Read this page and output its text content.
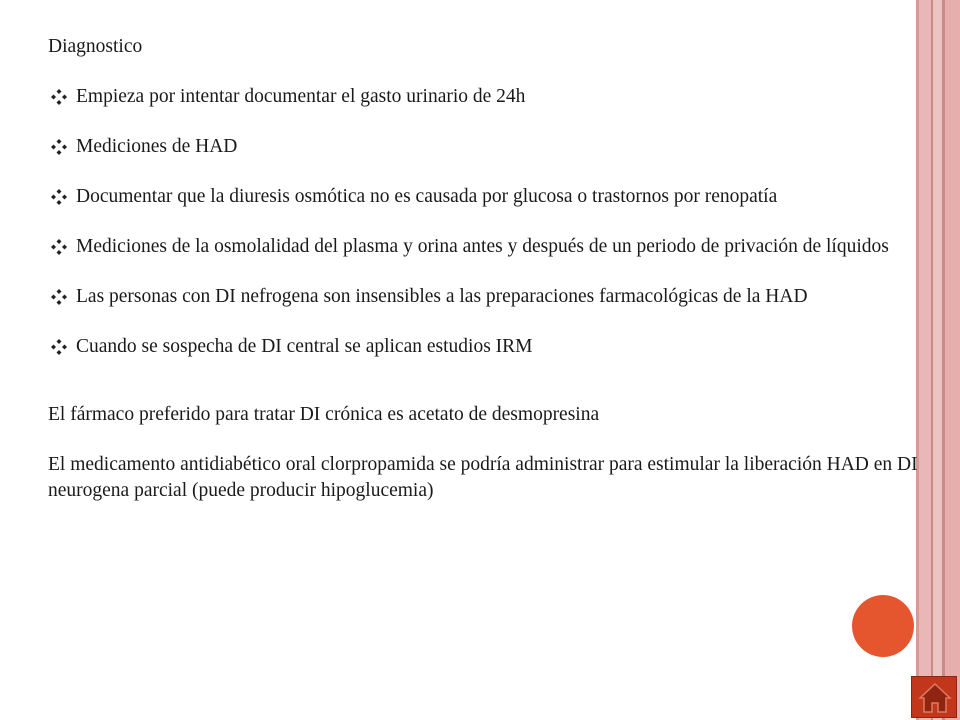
Diagnostico
Empieza por intentar documentar el gasto urinario de 24h
Mediciones de HAD
Documentar que la diuresis osmótica no es causada por glucosa o trastornos por renopatía
Mediciones de la osmolalidad del plasma y orina antes y después de un periodo de privación de líquidos
Las personas con DI nefrogena son insensibles a las preparaciones farmacológicas de la HAD
Cuando se sospecha de DI central se aplican estudios IRM

El fármaco preferido para tratar DI crónica es acetato de desmopresina

El medicamento antidiabético oral clorpropamida se podría administrar para estimular la liberación HAD en DI neurogena parcial (puede producir hipoglucemia)
